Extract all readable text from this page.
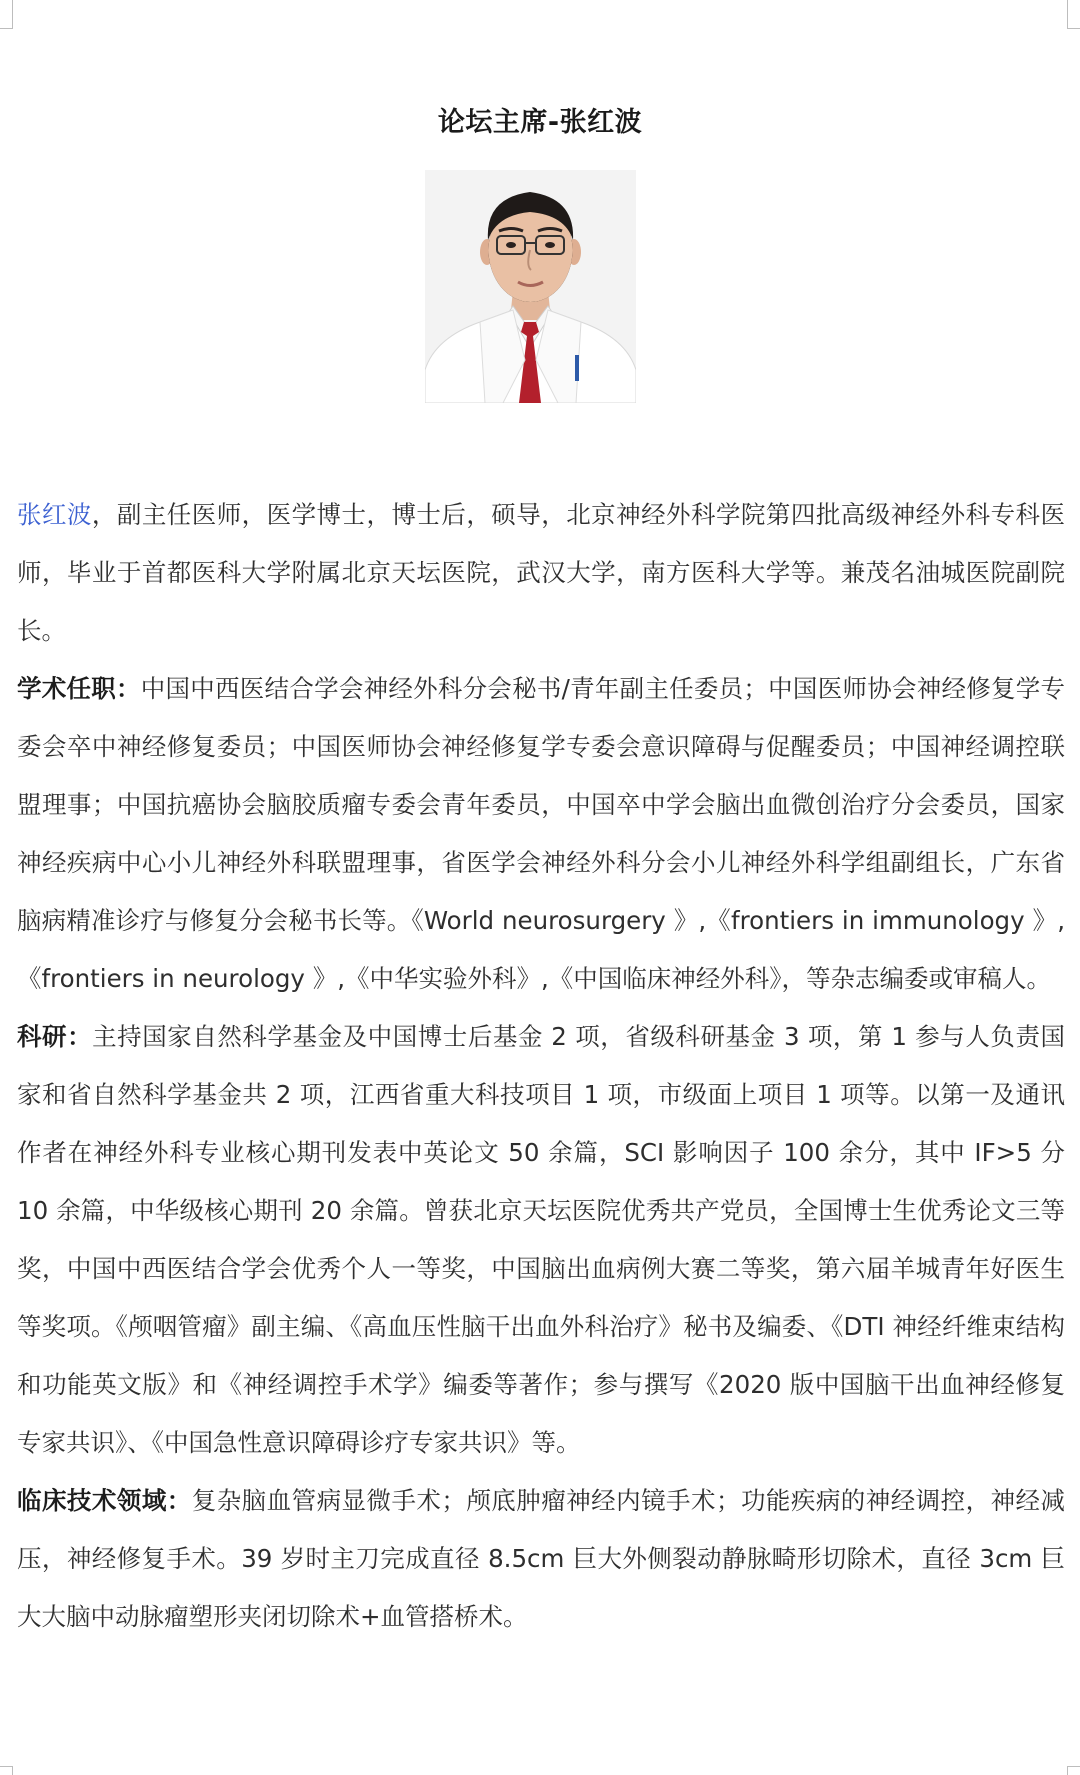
论坛主席-张红波

张红波，副主任医师，医学博士，博士后，硕导，北京神经外科学院第四批高级神经外科专科医师，毕业于首都医科大学附属北京天坛医院，武汉大学，南方医科大学等。兼茂名油城医院副院长。

学术任职：中国中西医结合学会神经外科分会秘书/青年副主任委员；中国医师协会神经修复学专委会卒中神经修复委员；中国医师协会神经修复学专委会意识障碍与促醒委员；中国神经调控联盟理事；中国抗癌协会脑胶质瘤专委会青年委员，中国卒中学会脑出血微创治疗分会委员，国家神经疾病中心小儿神经外科联盟理事，省医学会神经外科分会小儿神经外科学组副组长，广东省脑病精准诊疗与修复分会秘书长等。《World neurosurgery 》,《frontiers in immunology 》,《frontiers in neurology 》,《中华实验外科》,《中国临床神经外科》，等杂志编委或审稿人。

科研：主持国家自然科学基金及中国博士后基金 2 项，省级科研基金 3 项，第 1 参与人负责国家和省自然科学基金共 2 项，江西省重大科技项目 1 项，市级面上项目 1 项等。以第一及通讯作者在神经外科专业核心期刊发表中英论文 50 余篇，SCI 影响因子 100 余分，其中 IF>5 分 10 余篇，中华级核心期刊 20 余篇。曾获北京天坛医院优秀共产党员，全国博士生优秀论文三等奖，中国中西医结合学会优秀个人一等奖，中国脑出血病例大赛二等奖，第六届羊城青年好医生等奖项。《颅咽管瘤》副主编、《高血压性脑干出血外科治疗》秘书及编委、《DTI 神经纤维束结构和功能英文版》和《神经调控手术学》编委等著作；参与撰写《2020 版中国脑干出血神经修复专家共识》、《中国急性意识障碍诊疗专家共识》等。

临床技术领域：复杂脑血管病显微手术；颅底肿瘤神经内镜手术；功能疾病的神经调控，神经减压，神经修复手术。39 岁时主刀完成直径 8.5cm 巨大外侧裂动静脉畸形切除术，直径 3cm 巨大大脑中动脉瘤塑形夹闭切除术+血管搭桥术。
